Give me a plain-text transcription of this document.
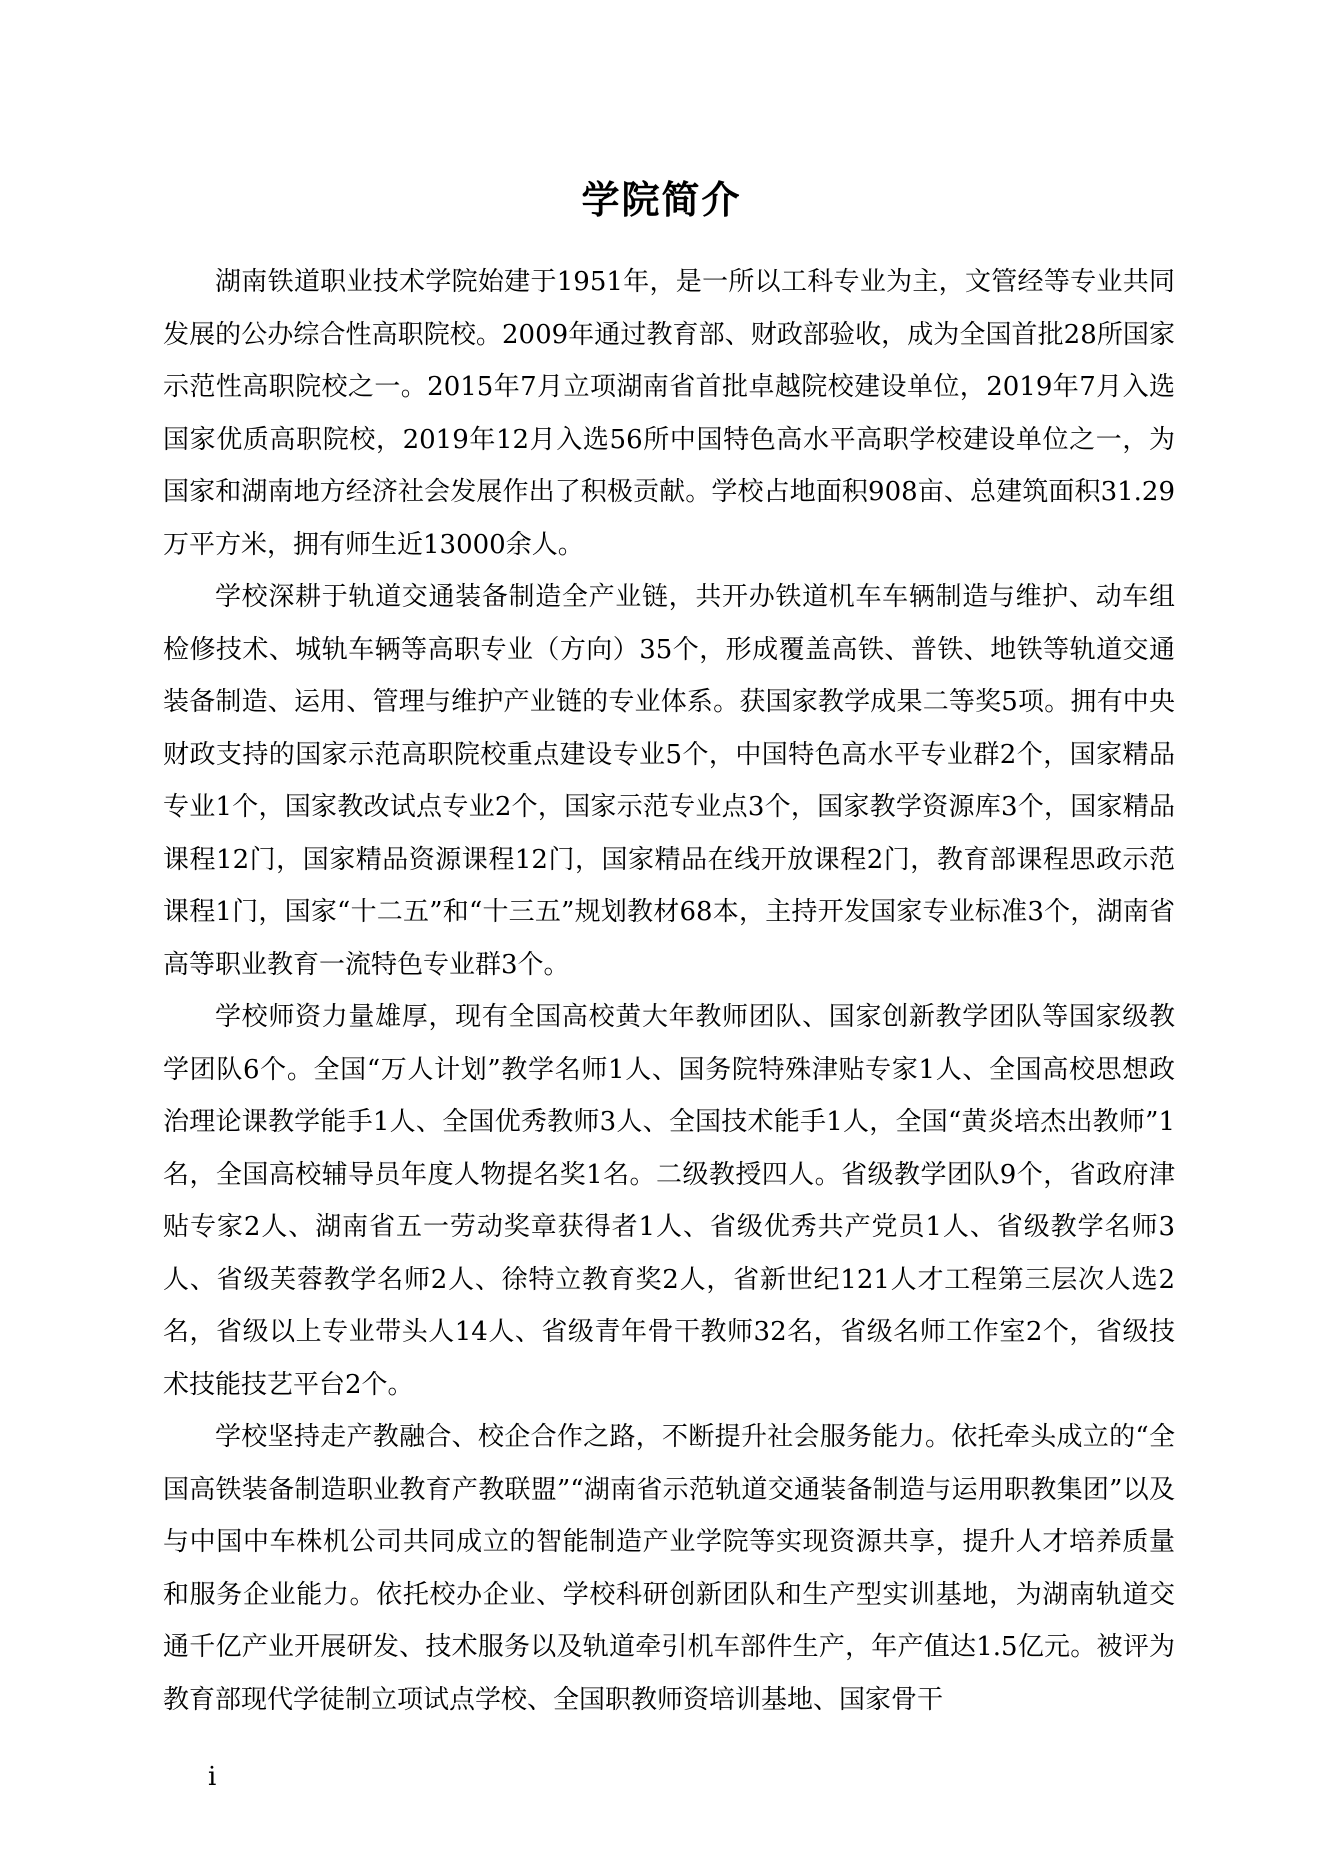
学院简介

湖南铁道职业技术学院始建于1951年，是一所以工科专业为主，文管经等专业共同发展的公办综合性高职院校。2009年通过教育部、财政部验收，成为全国首批28所国家示范性高职院校之一。2015年7月立项湖南省首批卓越院校建设单位，2019年7月入选国家优质高职院校，2019年12月入选56所中国特色高水平高职学校建设单位之一，为国家和湖南地方经济社会发展作出了积极贡献。学校占地面积908亩、总建筑面积31.29万平方米，拥有师生近13000余人。

学校深耕于轨道交通装备制造全产业链，共开办铁道机车车辆制造与维护、动车组检修技术、城轨车辆等高职专业（方向）35个，形成覆盖高铁、普铁、地铁等轨道交通装备制造、运用、管理与维护产业链的专业体系。获国家教学成果二等奖5项。拥有中央财政支持的国家示范高职院校重点建设专业5个，中国特色高水平专业群2个，国家精品专业1个，国家教改试点专业2个，国家示范专业点3个，国家教学资源库3个，国家精品课程12门，国家精品资源课程12门，国家精品在线开放课程2门，教育部课程思政示范课程1门，国家“十二五”和“十三五”规划教材68本，主持开发国家专业标准3个，湖南省高等职业教育一流特色专业群3个。

学校师资力量雄厚，现有全国高校黄大年教师团队、国家创新教学团队等国家级教学团队6个。全国“万人计划”教学名师1人、国务院特殊津贴专家1人、全国高校思想政治理论课教学能手1人、全国优秀教师3人、全国技术能手1人，全国“黄炎培杰出教师”1名，全国高校辅导员年度人物提名奖1名。二级教授四人。省级教学团队9个，省政府津贴专家2人、湖南省五一劳动奖章获得者1人、省级优秀共产党员1人、省级教学名师3人、省级芙蓉教学名师2人、徐特立教育奖2人，省新世纪121人才工程第三层次人选2名，省级以上专业带头人14人、省级青年骨干教师32名，省级名师工作室2个，省级技术技能技艺平台2个。

学校坚持走产教融合、校企合作之路，不断提升社会服务能力。依托牵头成立的“全国高铁装备制造职业教育产教联盟”“湖南省示范轨道交通装备制造与运用职教集团”以及与中国中车株机公司共同成立的智能制造产业学院等实现资源共享，提升人才培养质量和服务企业能力。依托校办企业、学校科研创新团队和生产型实训基地，为湖南轨道交通千亿产业开展研发、技术服务以及轨道牵引机车部件生产，年产值达1.5亿元。被评为教育部现代学徒制立项试点学校、全国职教师资培训基地、国家骨干

i
